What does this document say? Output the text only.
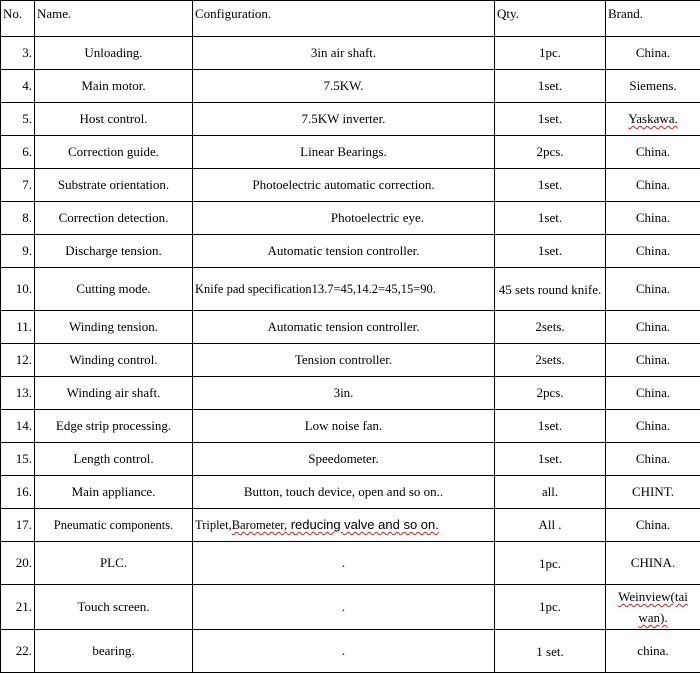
No.	Name.	Configuration.	Qty.	Brand.
3.	Unloading.	3in air shaft.	1pc.	China.
4.	Main motor.	7.5KW.	1set.	Siemens.
5.	Host control.	7.5KW inverter.	1set.	Yaskawa.
6.	Correction guide.	Linear Bearings.	2pcs.	China.
7.	Substrate orientation.	Photoelectric automatic correction.	1set.	China.
8.	Correction detection.	Photoelectric eye.	1set.	China.
9.	Discharge tension.	Automatic tension controller.	1set.	China.
10.	Cutting mode.	Knife pad specification13.7=45,14.2=45,15=90.	45 sets round knife.	China.
11.	Winding tension.	Automatic tension controller.	2sets.	China.
12.	Winding control.	Tension controller.	2sets.	China.
13.	Winding air shaft.	3in.	2pcs.	China.
14.	Edge strip processing.	Low noise fan.	1set.	China.
15.	Length control.	Speedometer.	1set.	China.
16.	Main appliance.	Button, touch device, open and so on..	all.	CHINT.
17.	Pneumatic components.	Triplet,Barometer, reducing valve and so on.	All .	China.
20.	PLC.	.	1pc.	CHINA.
21.	Touch screen.	.	1pc.	Weinview(tai wan).
22.	bearing.	.	1 set.	china.
